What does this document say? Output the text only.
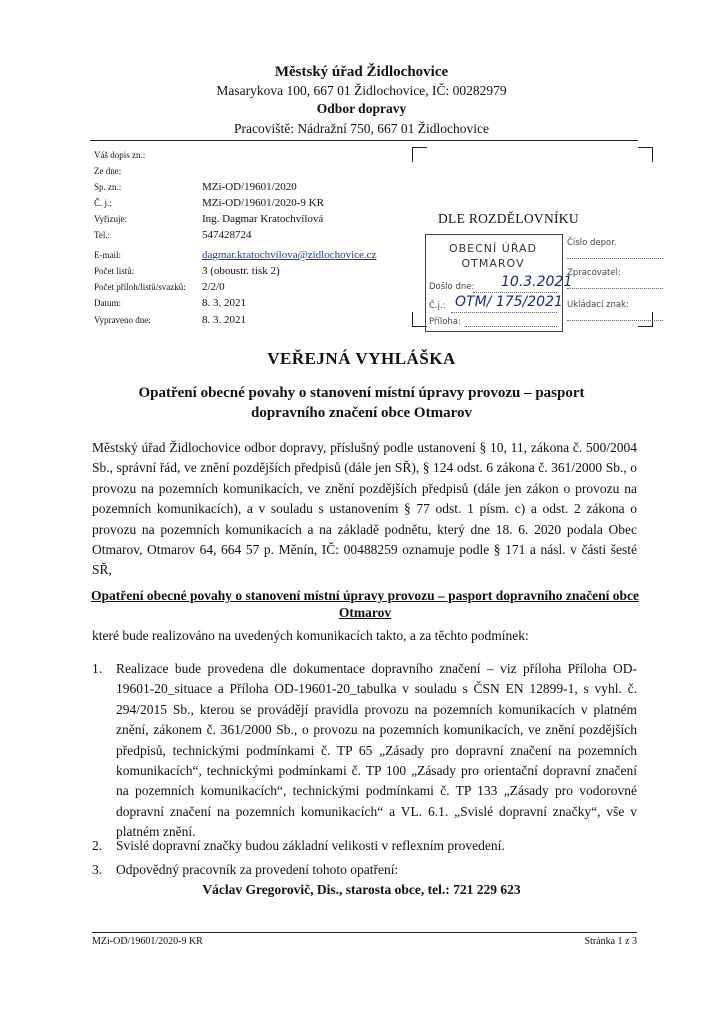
Městský úřad Židlochovice
Masarykova 100, 667 01 Židlochovice, IČ: 00282979
Odbor dopravy
Pracoviště: Nádražní 750, 667 01 Židlochovice
Váš dopis zn.:
Ze dne:
Sp. zn.:	MZi-OD/19601/2020
Č. j.:	MZi-OD/19601/2020-9 KR
Vyřizuje:	Ing. Dagmar Kratochvílová
Tel.:	547428724
E-mail:	dagmar.kratochvilova@zidlochovice.cz
Počet listů:	3 (oboustr. tisk 2)
Počet příloh/listů/svazků: 2/2/0
Datum:	8. 3. 2021
Vypraveno dne:	8. 3. 2021
DLE ROZDĚLOVNÍKU
OBECNÍ ÚŘAD
OTMAROV
Došlo dne: 10.3.2021
Č.j.: OTM/ 175/2021
Příloha:
Číslo depor.
Zpracovatel:
Ukládací znak:
VEŘEJNÁ VYHLÁŠKA
Opatření obecné povahy o stanovení místní úpravy provozu – pasport dopravního značení obce Otmarov
Městský úřad Židlochovice odbor dopravy, příslušný podle ustanovení § 10, 11, zákona č. 500/2004 Sb., správní řád, ve znění pozdějších předpisů (dále jen SŘ), § 124 odst. 6 zákona č. 361/2000 Sb., o provozu na pozemních komunikacích, ve znění pozdějších předpisů (dále jen zákon o provozu na pozemních komunikacích), a v souladu s ustanovením § 77 odst. 1 písm. c) a odst. 2 zákona o provozu na pozemních komunikacích a na základě podnětu, který dne 18. 6. 2020 podala Obec Otmarov, Otmarov 64, 664 57 p. Měnín, IČ: 00488259 oznamuje podle § 171 a násl. v části šesté SŘ,
Opatření obecné povahy o stanovení místní úpravy provozu – pasport dopravního značení obce Otmarov
které bude realizováno na uvedených komunikacích takto, a za těchto podmínek:
1. Realizace bude provedena dle dokumentace dopravního značení – viz příloha Příloha OD-19601-20_situace a Příloha OD-19601-20_tabulka v souladu s ČSN EN 12899-1, s vyhl. č. 294/2015 Sb., kterou se provádějí pravidla provozu na pozemních komunikacích v platném znění, zákonem č. 361/2000 Sb., o provozu na pozemních komunikacích, ve znění pozdějších předpisů, technickými podmínkami č. TP 65 „Zásady pro dopravní značení na pozemních komunikacích“, technickými podmínkami č. TP 100 „Zásady pro orientační dopravní značení na pozemních komunikacích“, technickými podmínkami č. TP 133 „Zásady pro vodorovné dopravní značení na pozemních komunikacích“ a VL. 6.1. „Svislé dopravní značky“, vše v platném znění.
2. Svislé dopravní značky budou základní velikosti v reflexním provedení.
3. Odpovědný pracovník za provedení tohoto opatření:
Václav Gregorovič, Dis., starosta obce, tel.: 721 229 623
MZi-OD/19601/2020-9 KR	Stránka 1 z 3
